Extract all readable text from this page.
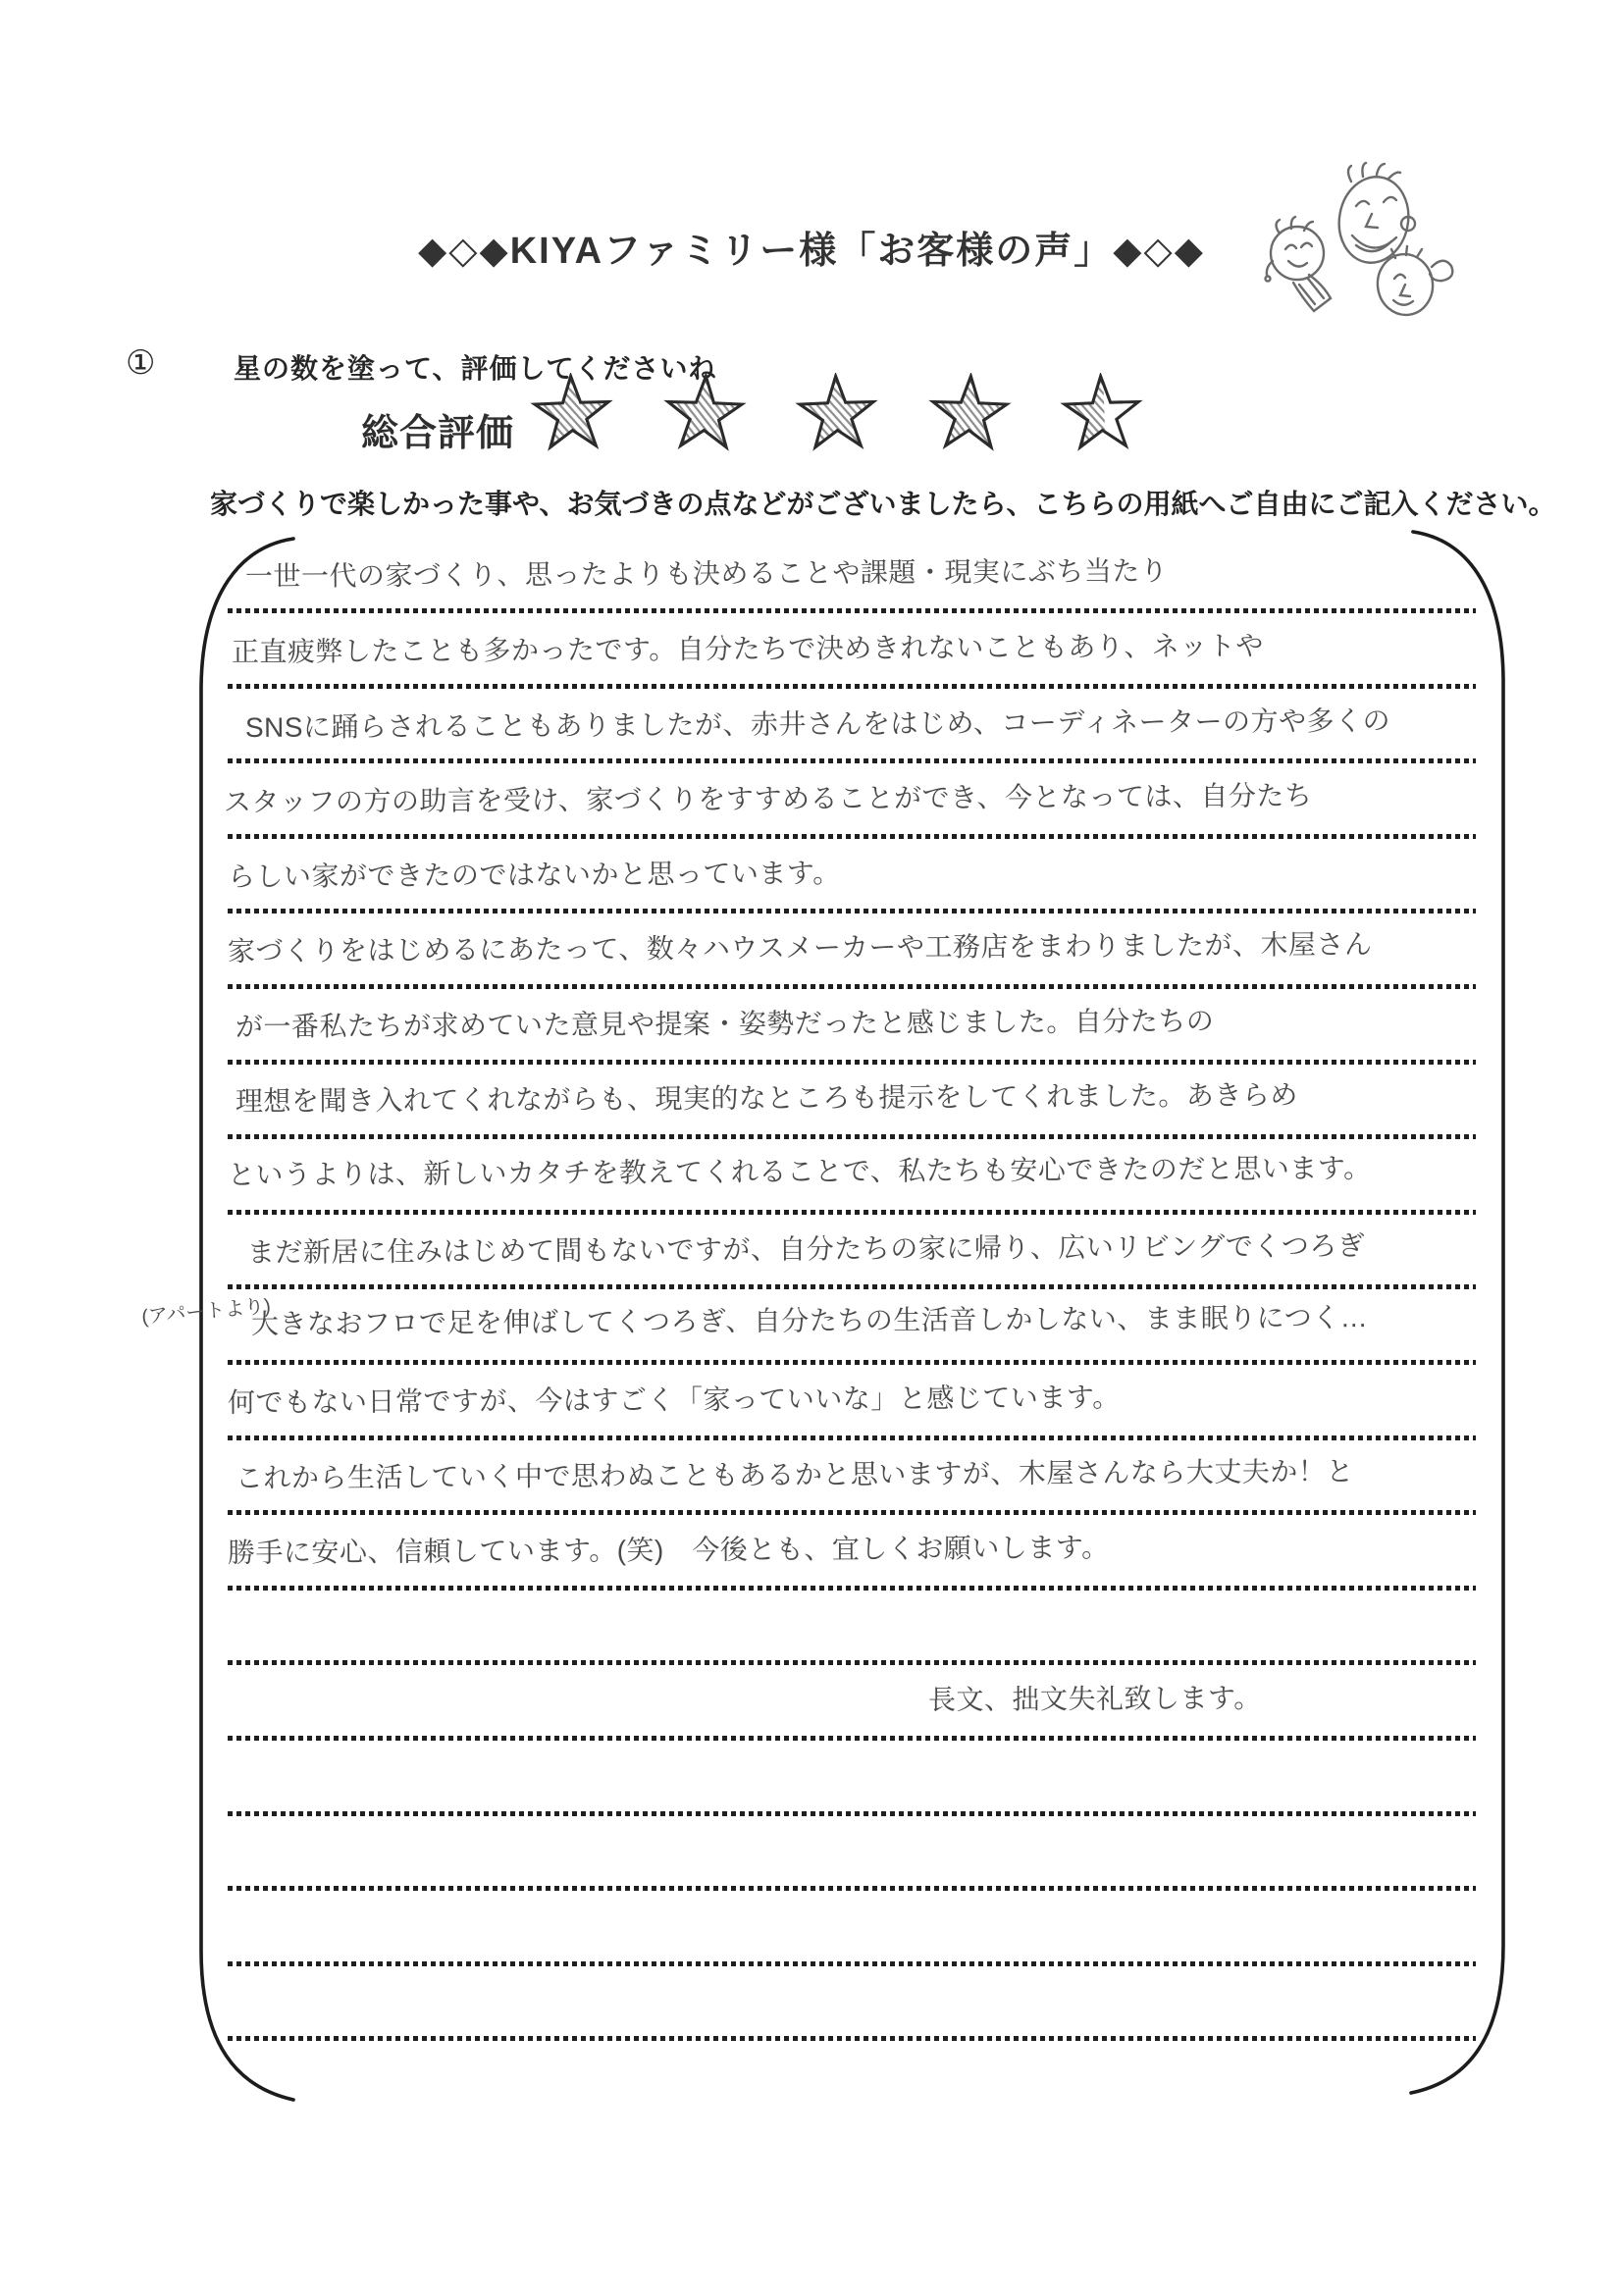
◆◇◆KIYAファミリー様「お客様の声」◆◇◆
①	星の数を塗って、評価してくださいね
総合評価
家づくりで楽しかった事や、お気づきの点などがございましたら、こちらの用紙へご自由にご記入ください。
一世一代の家づくり、思ったよりも決めることや課題・現実にぶち当たり
正直疲弊したことも多かったです。自分たちで決めきれないこともあり、ネットや
SNSに踊らされることもありましたが、赤井さんをはじめ、コーディネーターの方や多くの
スタッフの方の助言を受け、家づくりをすすめることができ、今となっては、自分たち
らしい家ができたのではないかと思っています。
家づくりをはじめるにあたって、数々ハウスメーカーや工務店をまわりましたが、木屋さん
が一番私たちが求めていた意見や提案・姿勢だったと感じました。自分たちの
理想を聞き入れてくれながらも、現実的なところも提示をしてくれました。あきらめ
というよりは、新しいカタチを教えてくれることで、私たちも安心できたのだと思います。
まだ新居に住みはじめて間もないですが、自分たちの家に帰り、広いリビングでくつろぎ
大きなおフロで足を伸ばしてくつろぎ、自分たちの生活音しかしない、まま眠りにつく…
何でもない日常ですが、今はすごく「家っていいな」と感じています。
これから生活していく中で思わぬこともあるかと思いますが、木屋さんなら大丈夫か！と
勝手に安心、信頼しています。(笑)　今後とも、宜しくお願いします。
(アパートより)
長文、拙文失礼致します。
